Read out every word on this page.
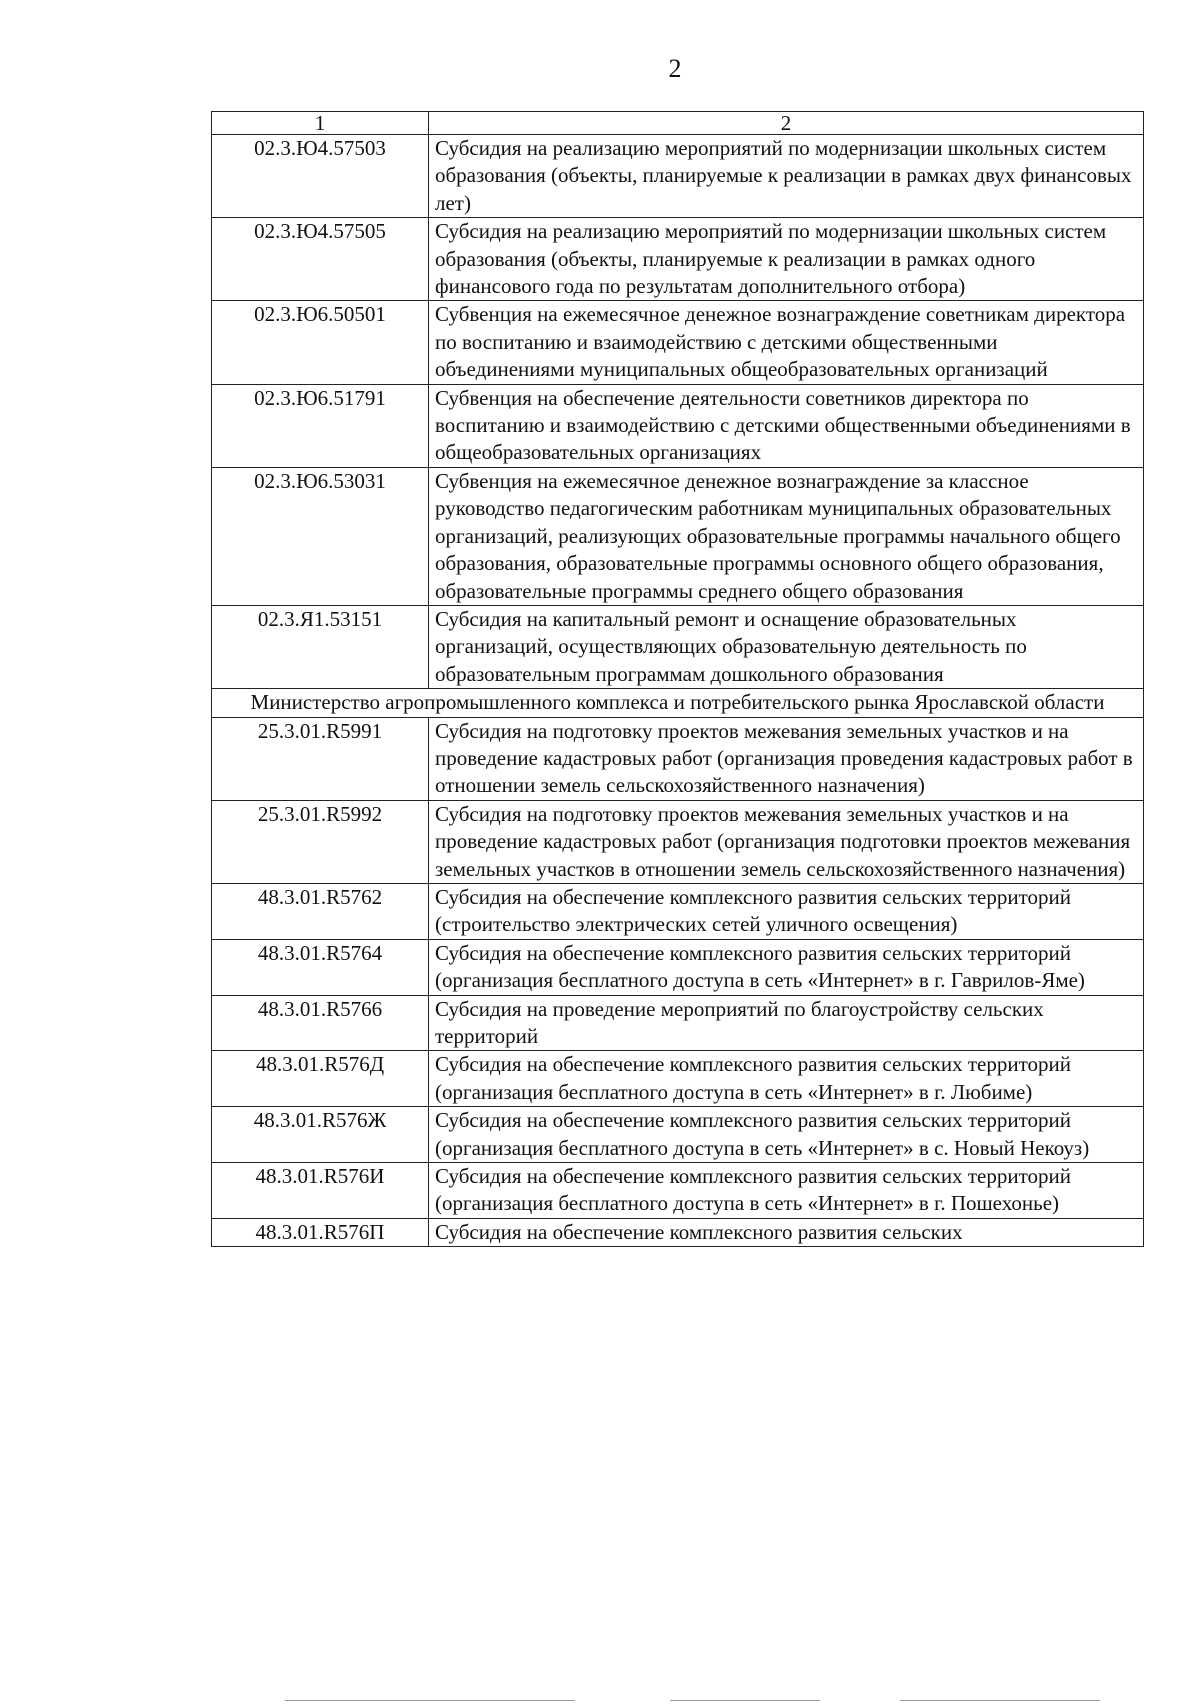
2
1	2
02.3.Ю4.57503	Субсидия на реализацию мероприятий по модернизации школьных систем образования (объекты, планируемые к реализации в рамках двух финансовых лет)
02.3.Ю4.57505	Субсидия на реализацию мероприятий по модернизации школьных систем образования (объекты, планируемые к реализации в рамках одного финансового года по результатам дополнительного отбора)
02.3.Ю6.50501	Субвенция на ежемесячное денежное вознаграждение советникам директора по воспитанию и взаимодействию с детскими общественными объединениями муниципальных общеобразовательных организаций
02.3.Ю6.51791	Субвенция на обеспечение деятельности советников директора по воспитанию и взаимодействию с детскими общественными объединениями в общеобразовательных организациях
02.3.Ю6.53031	Субвенция на ежемесячное денежное вознаграждение за классное руководство педагогическим работникам муниципальных образовательных организаций, реализующих образовательные программы начального общего образования, образовательные программы основного общего образования, образовательные программы среднего общего образования
02.3.Я1.53151	Субсидия на капитальный ремонт и оснащение образовательных организаций, осуществляющих образовательную деятельность по образовательным программам дошкольного образования
Министерство агропромышленного комплекса и потребительского рынка Ярославской области	
25.3.01.R5991	Субсидия на подготовку проектов межевания земельных участков и на проведение кадастровых работ (организация проведения кадастровых работ в отношении земель сельскохозяйственного назначения)
25.3.01.R5992	Субсидия на подготовку проектов межевания земельных участков и на проведение кадастровых работ (организация подготовки проектов межевания земельных участков в отношении земель сельскохозяйственного назначения)
48.3.01.R5762	Субсидия на обеспечение комплексного развития сельских территорий (строительство электрических сетей уличного освещения)
48.3.01.R5764	Субсидия на обеспечение комплексного развития сельских территорий (организация бесплатного доступа в сеть «Интернет» в г. Гаврилов-Яме)
48.3.01.R5766	Субсидия на проведение мероприятий по благоустройству сельских территорий
48.3.01.R576Д	Субсидия на обеспечение комплексного развития сельских территорий (организация бесплатного доступа в сеть «Интернет» в г. Любиме)
48.3.01.R576Ж	Субсидия на обеспечение комплексного развития сельских территорий (организация бесплатного доступа в сеть «Интернет» в с. Новый Некоуз)
48.3.01.R576И	Субсидия на обеспечение комплексного развития сельских территорий (организация бесплатного доступа в сеть «Интернет» в г. Пошехонье)
48.3.01.R576П	Субсидия на обеспечение комплексного развития сельских
